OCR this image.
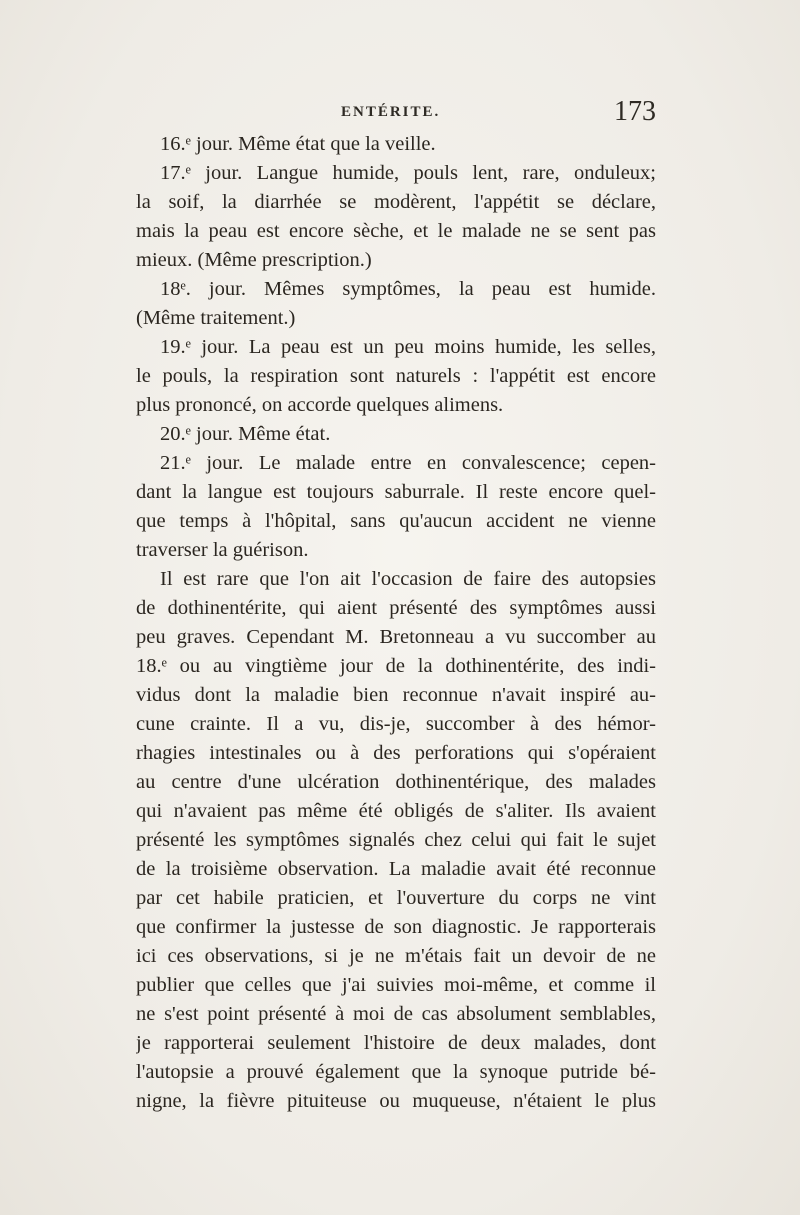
ENTÉRITE.	173
16.ᵉ jour. Même état que la veille.
17.ᵉ jour. Langue humide, pouls lent, rare, onduleux;
la soif, la diarrhée se modèrent, l'appétit se déclare,
mais la peau est encore sèche, et le malade ne se sent pas
mieux. (Même prescription.)
18ᵉ. jour. Mêmes symptômes, la peau est humide.
(Même traitement.)
19.ᵉ jour. La peau est un peu moins humide, les selles,
le pouls, la respiration sont naturels : l'appétit est encore
plus prononcé, on accorde quelques alimens.
20.ᵉ jour. Même état.
21.ᵉ jour. Le malade entre en convalescence; cepen-
dant la langue est toujours saburrale. Il reste encore quel-
que temps à l'hôpital, sans qu'aucun accident ne vienne
traverser la guérison.
Il est rare que l'on ait l'occasion de faire des autopsies
de dothinentérite, qui aient présenté des symptômes aussi
peu graves. Cependant M. Bretonneau a vu succomber au
18.ᵉ ou au vingtième jour de la dothinentérite, des indi-
vidus dont la maladie bien reconnue n'avait inspiré au-
cune crainte. Il a vu, dis-je, succomber à des hémor-
rhagies intestinales ou à des perforations qui s'opéraient
au centre d'une ulcération dothinentérique, des malades
qui n'avaient pas même été obligés de s'aliter. Ils avaient
présenté les symptômes signalés chez celui qui fait le sujet
de la troisième observation. La maladie avait été reconnue
par cet habile praticien, et l'ouverture du corps ne vint
que confirmer la justesse de son diagnostic. Je rapporterais
ici ces observations, si je ne m'étais fait un devoir de ne
publier que celles que j'ai suivies moi-même, et comme il
ne s'est point présenté à moi de cas absolument semblables,
je rapporterai seulement l'histoire de deux malades, dont
l'autopsie a prouvé également que la synoque putride bé-
nigne, la fièvre pituiteuse ou muqueuse, n'étaient le plus
